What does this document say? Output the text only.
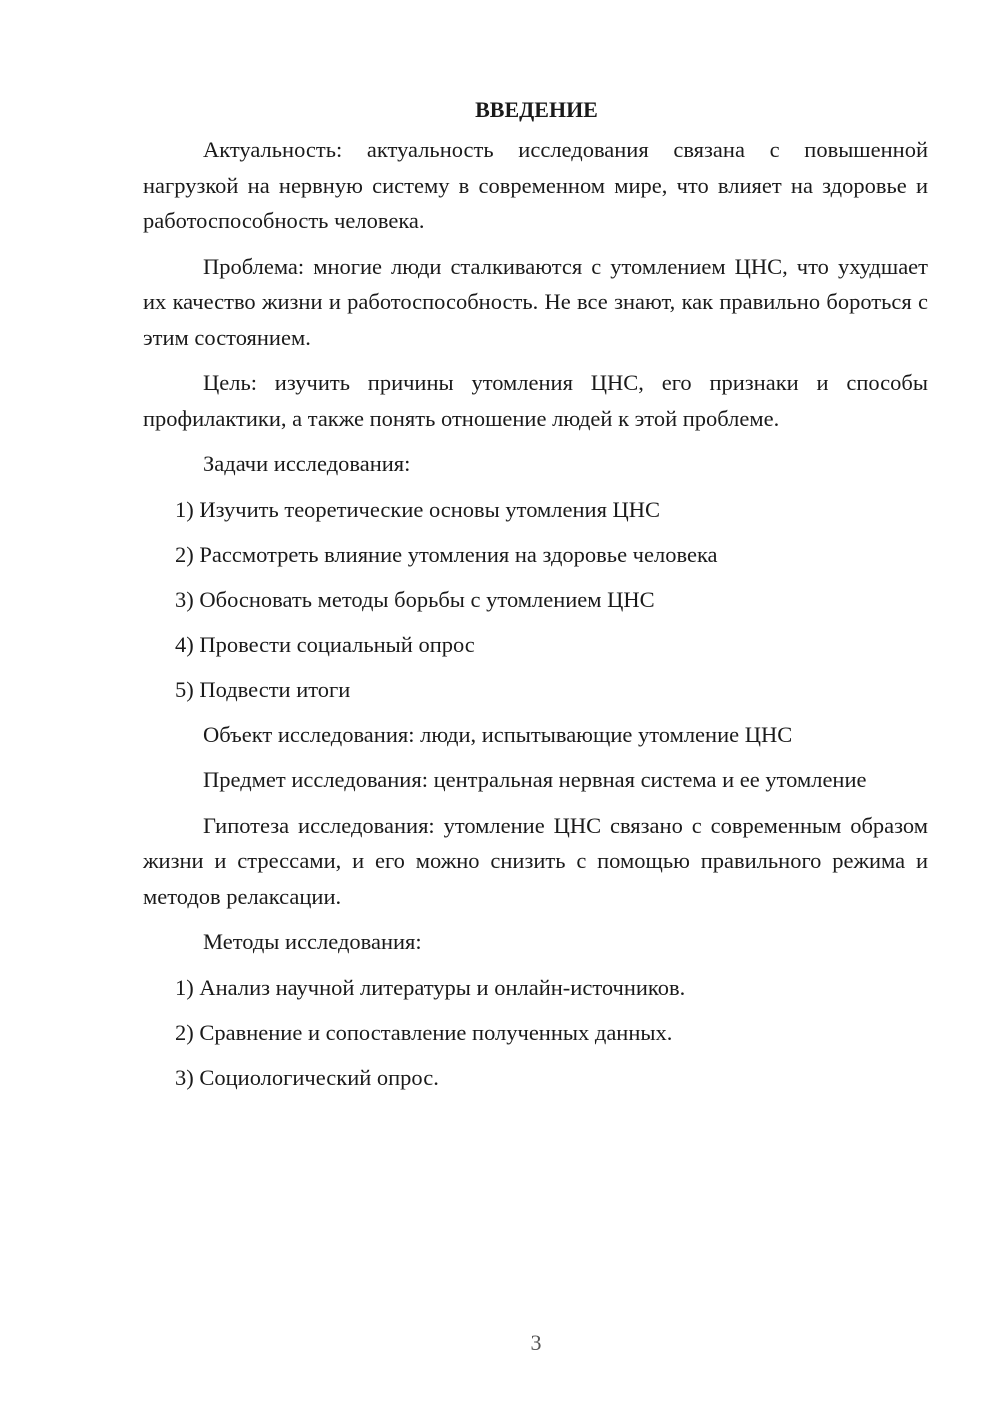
ВВЕДЕНИЕ

Актуальность: актуальность исследования связана с повышенной нагрузкой на нервную систему в современном мире, что влияет на здоровье и работоспособность человека.

Проблема: многие люди сталкиваются с утомлением ЦНС, что ухудшает их качество жизни и работоспособность. Не все знают, как правильно бороться с этим состоянием.

Цель: изучить причины утомления ЦНС, его признаки и способы профилактики, а также понять отношение людей к этой проблеме.

Задачи исследования:

1) Изучить теоретические основы утомления ЦНС
2) Рассмотреть влияние утомления на здоровье человека
3) Обосновать методы борьбы с утомлением ЦНС
4) Провести социальный опрос
5) Подвести итоги

Объект исследования: люди, испытывающие утомление ЦНС

Предмет исследования: центральная нервная система и ее утомление

Гипотеза исследования: утомление ЦНС связано с современным образом жизни и стрессами, и его можно снизить с помощью правильного режима и методов релаксации.

Методы исследования:

1) Анализ научной литературы и онлайн-источников.
2) Сравнение и сопоставление полученных данных.
3) Социологический опрос.
3
